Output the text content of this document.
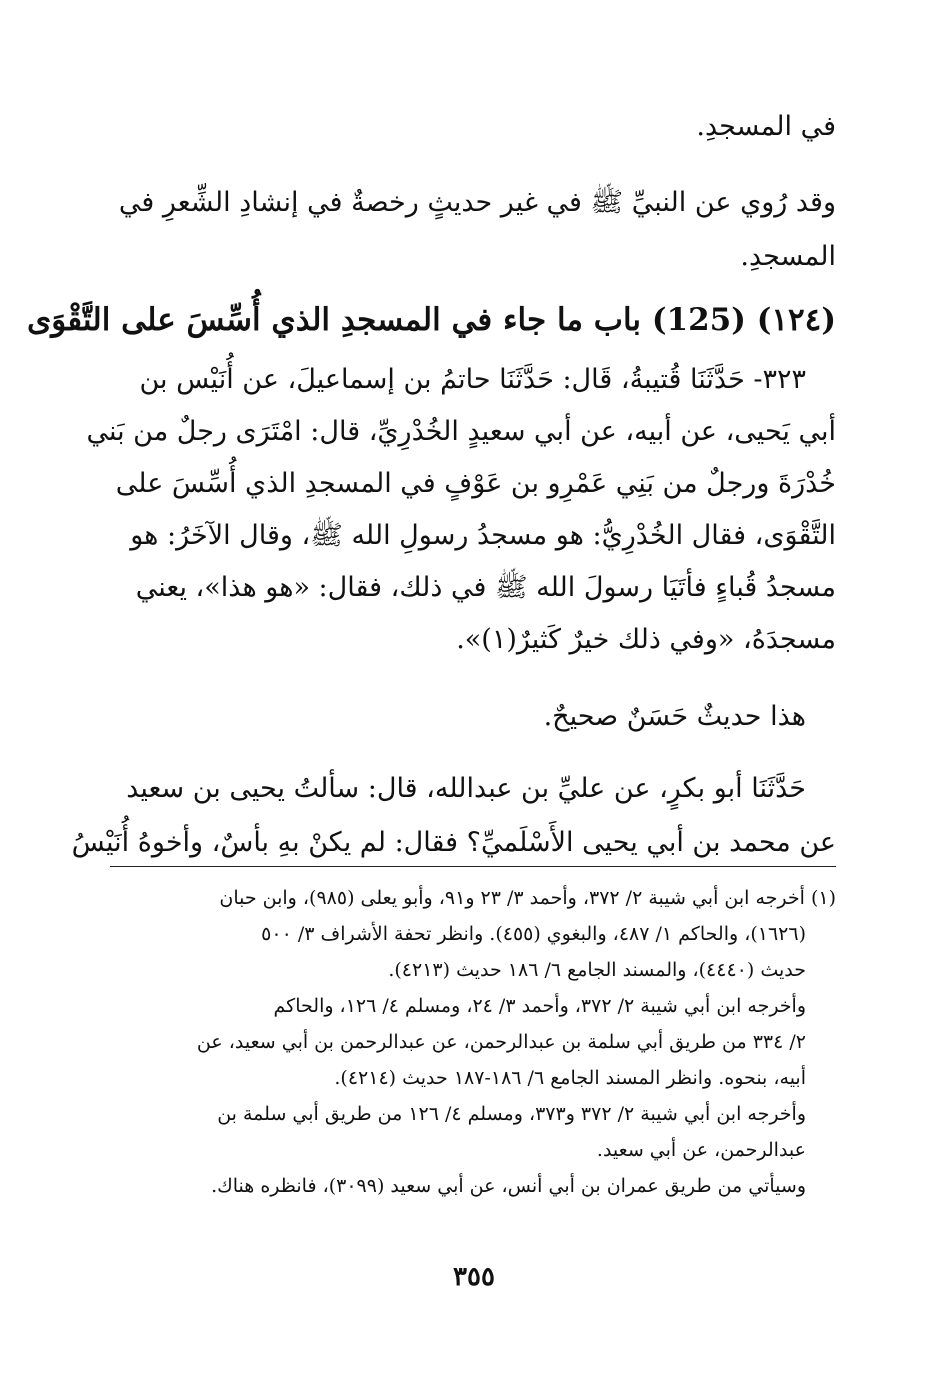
في المسجدِ.
وقد رُوي عن النبيِّ ﷺ في غير حديثٍ رخصةٌ في إنشادِ الشِّعرِ في
المسجدِ.
(١٢٤) (125) باب ما جاء في المسجدِ الذي أُسِّسَ على التَّقْوَى
٣٢٣- حَدَّثَنَا قُتيبةُ، قَال: حَدَّثَنَا حاتمُ بن إسماعيلَ، عن أُنَيْس بن
أبي يَحيى، عن أبيه، عن أبي سعيدٍ الخُدْرِيِّ، قال: امْتَرَى رجلٌ من بَني
خُدْرَةَ ورجلٌ من بَنِي عَمْرِو بن عَوْفٍ في المسجدِ الذي أُسِّسَ على
التَّقْوَى، فقال الخُدْرِيُّ: هو مسجدُ رسولِ الله ﷺ، وقال الآخَرُ: هو
مسجدُ قُباءٍ فأتَيَا رسولَ الله ﷺ في ذلك، فقال: «هو هذا»، يعني
مسجدَهُ، «وفي ذلك خيرٌ كَثيرٌ(١)».
هذا حديثٌ حَسَنٌ صحيحٌ.
حَدَّثَنَا أبو بكرٍ، عن عليِّ بن عبدالله، قال: سألتُ يحيى بن سعيد
عن محمد بن أبي يحيى الأَسْلَميِّ؟ فقال: لم يكنْ بهِ بأسٌ، وأخوهُ أُنَيْسُ
(١) أخرجه ابن أبي شيبة ٢/ ٣٧٢، وأحمد ٣/ ٢٣ و٩١، وأبو يعلى (٩٨٥)، وابن حبان
(١٦٢٦)، والحاكم ١/ ٤٨٧، والبغوي (٤٥٥). وانظر تحفة الأشراف ٣/ ٥٠٠
حديث (٤٤٤٠)، والمسند الجامع ٦/ ١٨٦ حديث (٤٢١٣).
وأخرجه ابن أبي شيبة ٢/ ٣٧٢، وأحمد ٣/ ٢٤، ومسلم ٤/ ١٢٦، والحاكم
٢/ ٣٣٤ من طريق أبي سلمة بن عبدالرحمن، عن عبدالرحمن بن أبي سعيد، عن
أبيه، بنحوه. وانظر المسند الجامع ٦/ ١٨٦-١٨٧ حديث (٤٢١٤).
وأخرجه ابن أبي شيبة ٢/ ٣٧٢ و٣٧٣، ومسلم ٤/ ١٢٦ من طريق أبي سلمة بن
عبدالرحمن، عن أبي سعيد.
وسيأتي من طريق عمران بن أبي أنس، عن أبي سعيد (٣٠٩٩)، فانظره هناك.
٣٥٥
